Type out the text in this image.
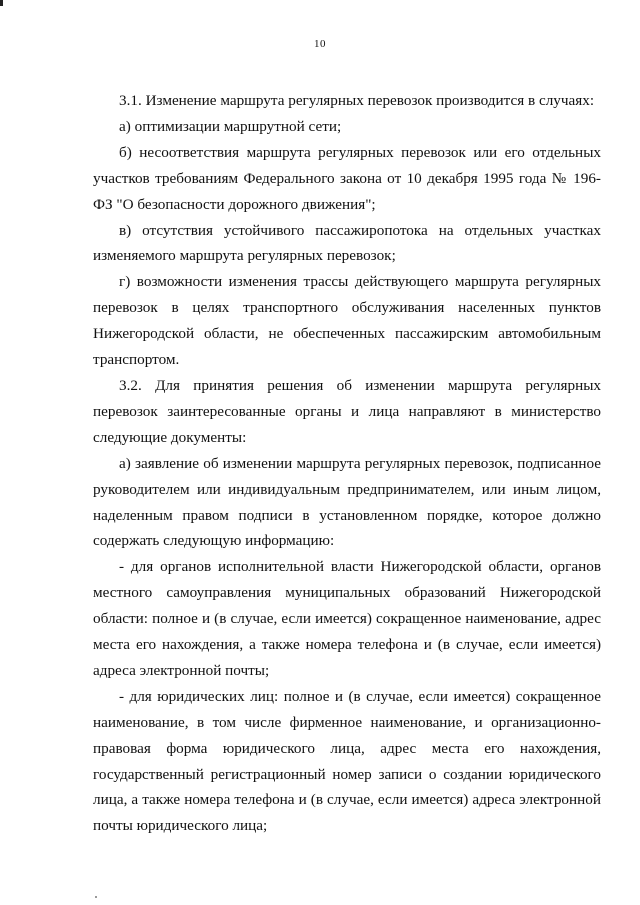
10

3.1. Изменение маршрута регулярных перевозок производится в случаях:

а) оптимизации маршрутной сети;

б) несоответствия маршрута регулярных перевозок или его отдельных участков требованиям Федерального закона от 10 декабря 1995 года № 196-ФЗ "О безопасности дорожного движения";

в) отсутствия устойчивого пассажиропотока на отдельных участках изменяемого маршрута регулярных перевозок;

г) возможности изменения трассы действующего маршрута регулярных перевозок в целях транспортного обслуживания населенных пунктов Нижегородской области, не обеспеченных пассажирским автомобильным транспортом.

3.2. Для принятия решения об изменении маршрута регулярных перевозок заинтересованные органы и лица направляют в министерство следующие документы:

а) заявление об изменении маршрута регулярных перевозок, подписанное руководителем или индивидуальным предпринимателем, или иным лицом, наделенным правом подписи в установленном порядке, которое должно содержать следующую информацию:

- для органов исполнительной власти Нижегородской области, органов местного самоуправления муниципальных образований Нижегородской области: полное и (в случае, если имеется) сокращенное наименование, адрес места его нахождения, а также номера телефона и (в случае, если имеется) адреса электронной почты;

- для юридических лиц: полное и (в случае, если имеется) сокращенное наименование, в том числе фирменное наименование, и организационно-правовая форма юридического лица, адрес места его нахождения, государственный регистрационный номер записи о создании юридического лица, а также номера телефона и (в случае, если имеется) адреса электронной почты юридического лица;
